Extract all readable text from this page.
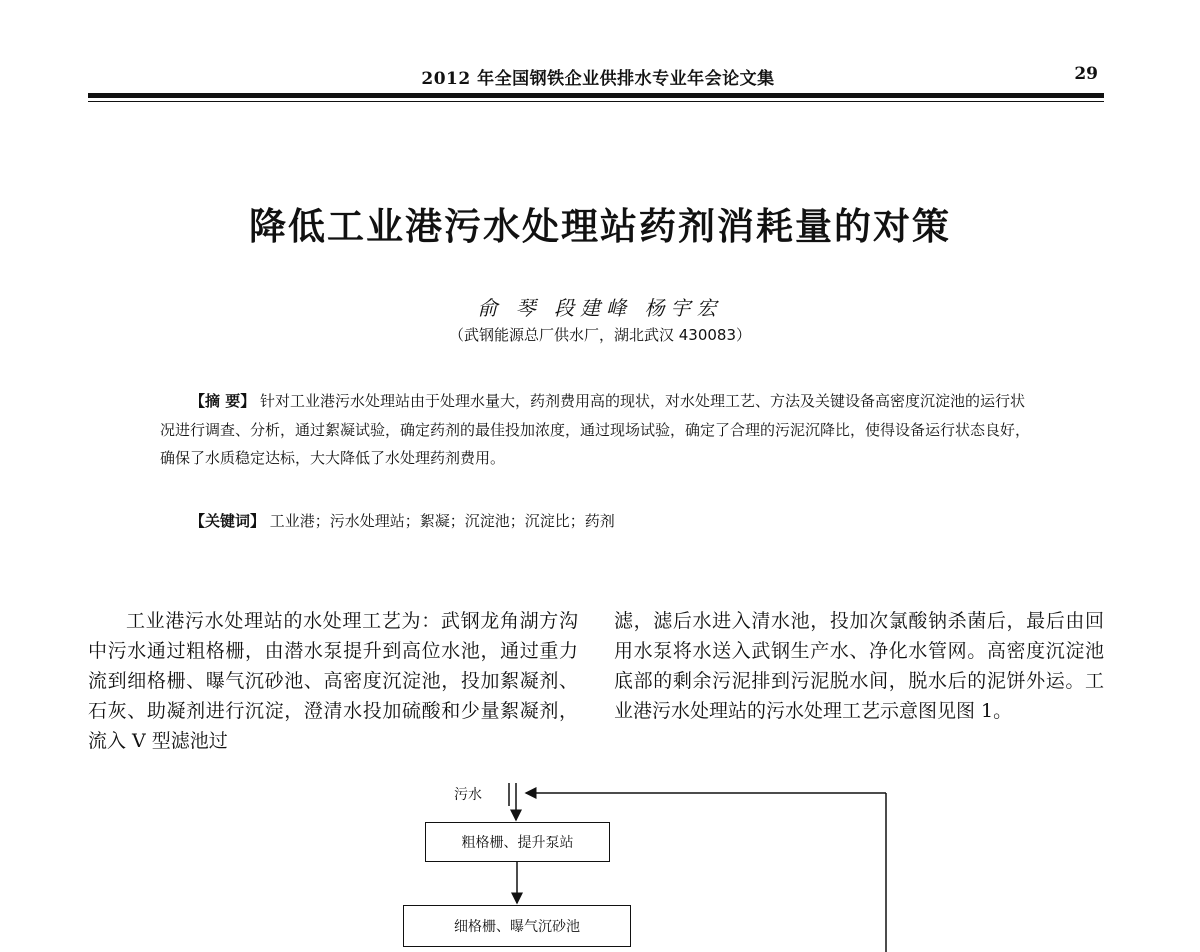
2012 年全国钢铁企业供排水专业年会论文集	29
降低工业港污水处理站药剂消耗量的对策
俞 琴 段建峰 杨宇宏
（武钢能源总厂供水厂，湖北武汉 430083）

【摘 要】 针对工业港污水处理站由于处理水量大，药剂费用高的现状，对水处理工艺、方法及关键设备高密度沉淀池的运行状况进行调查、分析，通过絮凝试验，确定药剂的最佳投加浓度，通过现场试验，确定了合理的污泥沉降比，使得设备运行状态良好，确保了水质稳定达标，大大降低了水处理药剂费用。

【关键词】 工业港；污水处理站；絮凝；沉淀池；沉淀比；药剂

工业港污水处理站的水处理工艺为：武钢龙角湖方沟中污水通过粗格栅，由潜水泵提升到高位水池，通过重力流到细格栅、曝气沉砂池、高密度沉淀池，投加絮凝剂、石灰、助凝剂进行沉淀，澄清水投加硫酸和少量絮凝剂，流入 V 型滤池过

滤，滤后水进入清水池，投加次氯酸钠杀菌后，最后由回用水泵将水送入武钢生产水、净化水管网。高密度沉淀池底部的剩余污泥排到污泥脱水间，脱水后的泥饼外运。工业港污水处理站的污水处理工艺示意图见图 1。

污水
粗格栅、提升泵站
细格栅、曝气沉砂池
